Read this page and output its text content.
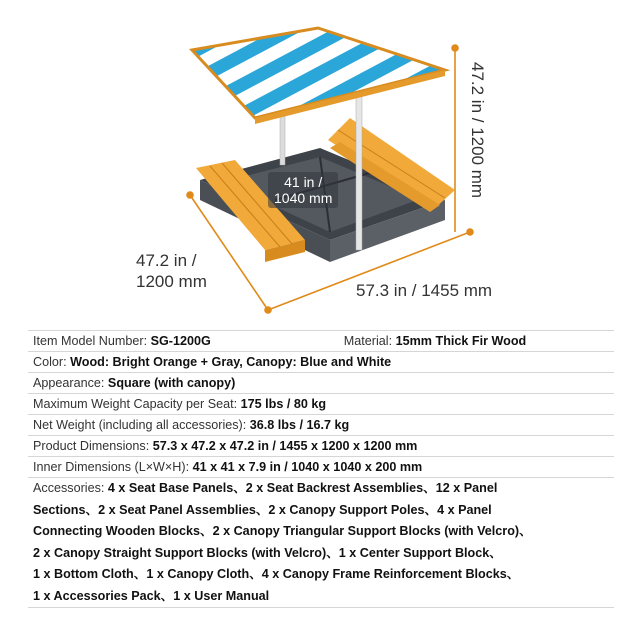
41 in /
1040 mm
47.2 in /
1200 mm	57.3 in / 1455 mm
47.2 in / 1200 mm
Item Model Number: SG-1200G	Material: 15mm Thick Fir Wood
Color: Wood: Bright Orange + Gray, Canopy: Blue and White
Appearance: Square (with canopy)
Maximum Weight Capacity per Seat: 175 lbs / 80 kg
Net Weight (including all accessories): 36.8 lbs / 16.7 kg
Product Dimensions: 57.3 x 47.2 x 47.2 in / 1455 x 1200 x 1200 mm
Inner Dimensions (L×W×H): 41 x 41 x 7.9 in / 1040 x 1040 x 200 mm

Accessories: 4 x Seat Base Panels、2 x Seat Backrest Assemblies、12 x Panel
Sections、2 x Seat Panel Assemblies、2 x Canopy Support Poles、4 x Panel
Connecting Wooden Blocks、2 x Canopy Triangular Support Blocks (with Velcro)、
2 x Canopy Straight Support Blocks (with Velcro)、1 x Center Support Block、
1 x Bottom Cloth、1 x Canopy Cloth、4 x Canopy Frame Reinforcement Blocks、
1 x Accessories Pack、1 x User Manual
